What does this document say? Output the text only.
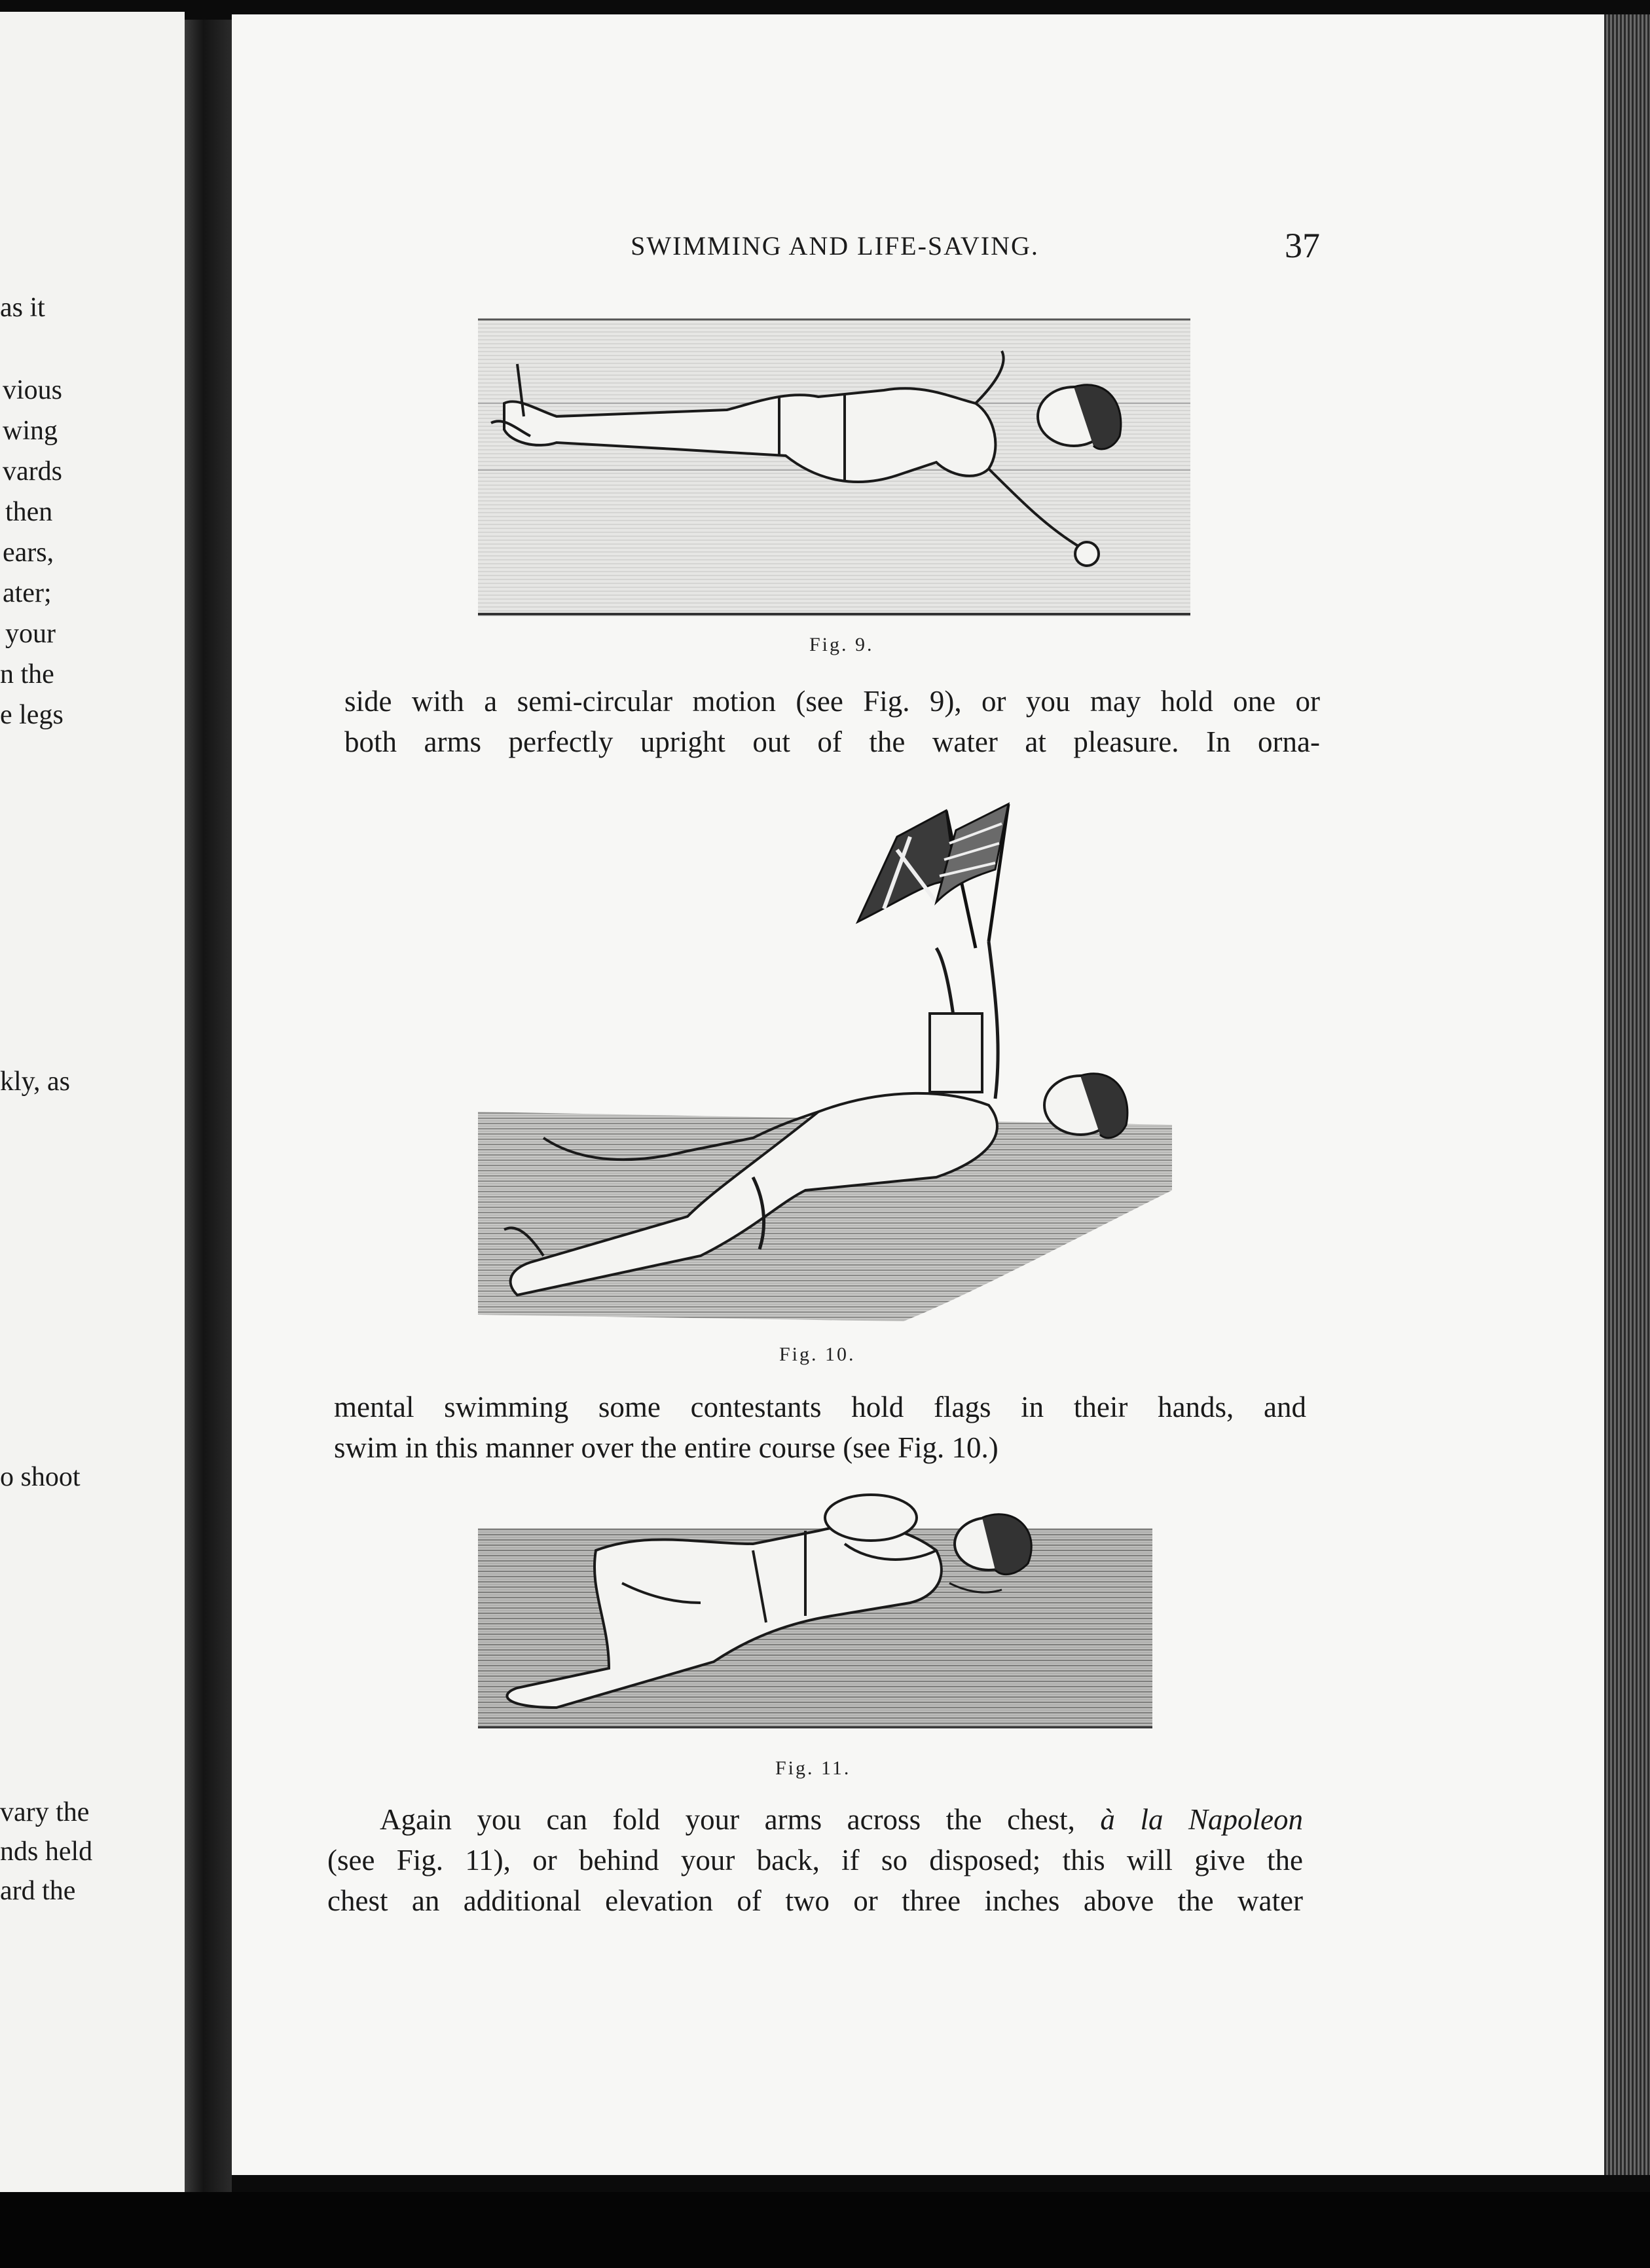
as it
vious
wing
vards
then
ears,
ater;
your
n the
e legs
kly, as
o shoot
vary the
nds held
ard the
SWIMMING AND LIFE-SAVING.	37
Fig. 9.
side with a semi-circular motion (see Fig. 9), or you may hold one or
both arms perfectly upright out of the water at pleasure. In orna-
Fig. 10.
mental swimming some contestants hold flags in their hands, and
swim in this manner over the entire course (see Fig. 10.)
Fig. 11.
Again you can fold your arms across the chest, à la Napoleon
(see Fig. 11), or behind your back, if so disposed; this will give the
chest an additional elevation of two or three inches above the water
